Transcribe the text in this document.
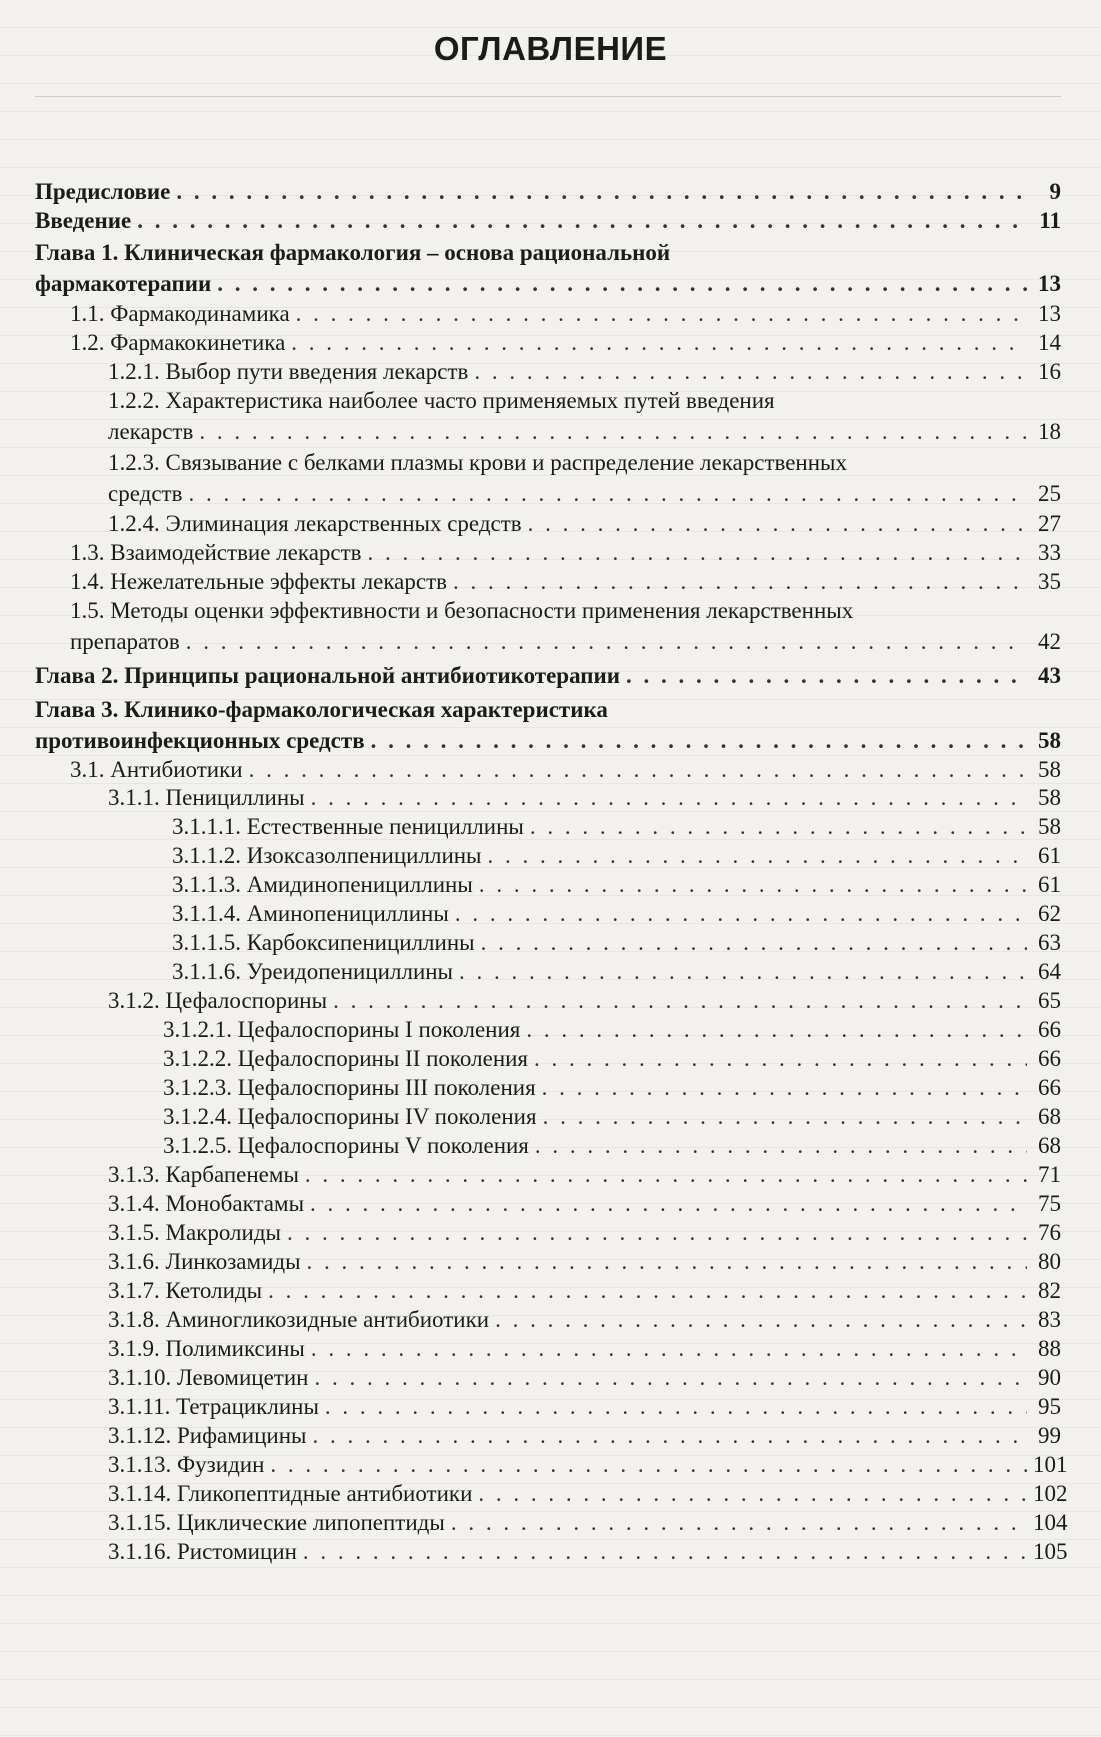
ОГЛАВЛЕНИЕ
Предисловие . . .	9
Введение . . .	11
Глава 1. Клиническая фармакология – основа рациональной
фармакотерапии . . .	13
1.1. Фармакодинамика . . .	13
1.2. Фармакокинетика . . .	14
1.2.1. Выбор пути введения лекарств . . .	16
1.2.2. Характеристика наиболее часто применяемых путей введения
лекарств . . .	18
1.2.3. Связывание с белками плазмы крови и распределение лекарственных
средств . . .	25
1.2.4. Элиминация лекарственных средств . . .	27
1.3. Взаимодействие лекарств . . .	33
1.4. Нежелательные эффекты лекарств . . .	35
1.5. Методы оценки эффективности и безопасности применения лекарственных
препаратов . . .	42
Глава 2. Принципы рациональной антибиотикотерапии . . .	43
Глава 3. Клинико-фармакологическая характеристика
противоинфекционных средств . . .	58
3.1. Антибиотики . . .	58
3.1.1. Пенициллины . . .	58
3.1.1.1. Естественные пенициллины . . .	58
3.1.1.2. Изоксазолпенициллины . . .	61
3.1.1.3. Амидинопенициллины . . .	61
3.1.1.4. Аминопенициллины . . .	62
3.1.1.5. Карбоксипенициллины . . .	63
3.1.1.6. Уреидопенициллины . . .	64
3.1.2. Цефалоспорины . . .	65
3.1.2.1. Цефалоспорины I поколения . . .	66
3.1.2.2. Цефалоспорины II поколения . . .	66
3.1.2.3. Цефалоспорины III поколения . . .	66
3.1.2.4. Цефалоспорины IV поколения . . .	68
3.1.2.5. Цефалоспорины V поколения . . .	68
3.1.3. Карбапенемы . . .	71
3.1.4. Монобактамы . . .	75
3.1.5. Макролиды . . .	76
3.1.6. Линкозамиды . . .	80
3.1.7. Кетолиды . . .	82
3.1.8. Аминогликозидные антибиотики . . .	83
3.1.9. Полимиксины . . .	88
3.1.10. Левомицетин . . .	90
3.1.11. Тетрациклины . . .	95
3.1.12. Рифамицины . . .	99
3.1.13. Фузидин . . .	101
3.1.14. Гликопептидные антибиотики . . .	102
3.1.15. Циклические липопептиды . . .	104
3.1.16. Ристомицин . . .	105
